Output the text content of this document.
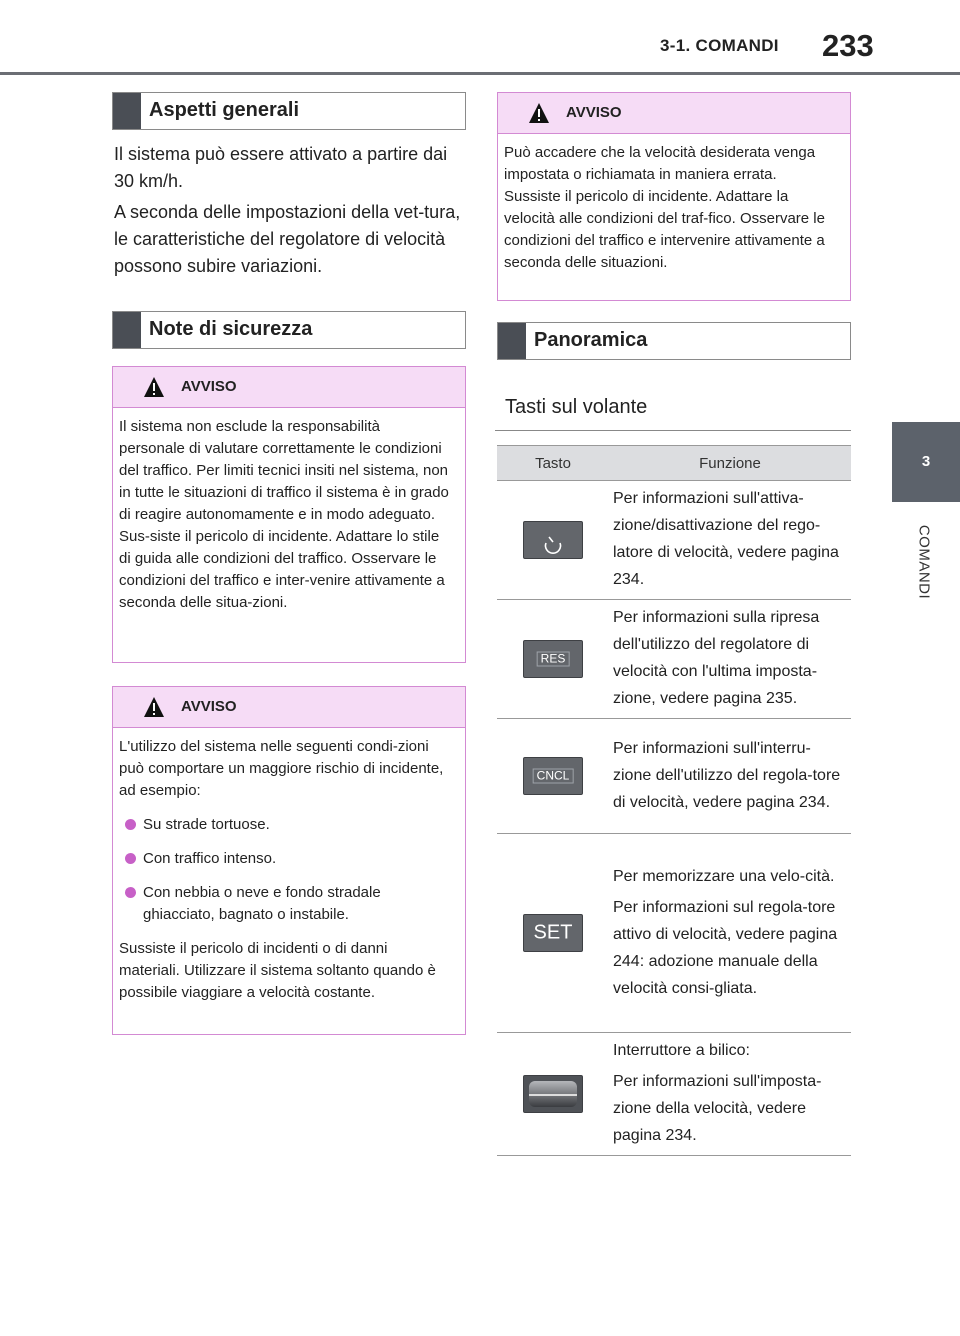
3-1. COMANDI 233
3
COMANDI
Aspetti generali

Il sistema può essere attivato a partire dai 30 km/h.

A seconda delle impostazioni della vet-tura, le caratteristiche del regolatore di velocità possono subire variazioni.

Note di sicurezza
AVVISO

Il sistema non esclude la responsabilità personale di valutare correttamente le condizioni del traffico. Per limiti tecnici insiti nel sistema, non in tutte le situazioni di traffico il sistema è in grado di reagire autonomamente e in modo adeguato. Sus-siste il pericolo di incidente. Adattare lo stile di guida alle condizioni del traffico. Osservare le condizioni del traffico e inter-venire attivamente a seconda delle situa-zioni.

AVVISO

L'utilizzo del sistema nelle seguenti condi-zioni può comportare un maggiore rischio di incidente, ad esempio:

Su strade tortuose.
Con traffico intenso.
Con nebbia o neve e fondo stradale ghiacciato, bagnato o instabile.

Sussiste il pericolo di incidenti o di danni materiali. Utilizzare il sistema soltanto quando è possibile viaggiare a velocità costante.

AVVISO

Può accadere che la velocità desiderata venga impostata o richiamata in maniera errata. Sussiste il pericolo di incidente. Adattare la velocità alle condizioni del traf-fico. Osservare le condizioni del traffico e intervenire attivamente a seconda delle situazioni.

Panoramica
Tasti sul volante
Tasto	Funzione

Per informazioni sull'attiva-zione/disattivazione del rego-latore di velocità, vedere pagina 234.

RES	Per informazioni sulla ripresa dell'utilizzo del regolatore di velocità con l'ultima imposta-zione, vedere pagina 235.

CNCL	Per informazioni sull'interru-zione dell'utilizzo del regola-tore di velocità, vedere pagina 234.

SET	Per memorizzare una velo-cità.

Per informazioni sul regola-tore attivo di velocità, vedere pagina 244: adozione manuale della velocità consi-gliata.

	Interruttore a bilico:

Per informazioni sull'imposta-zione della velocità, vedere pagina 234.
